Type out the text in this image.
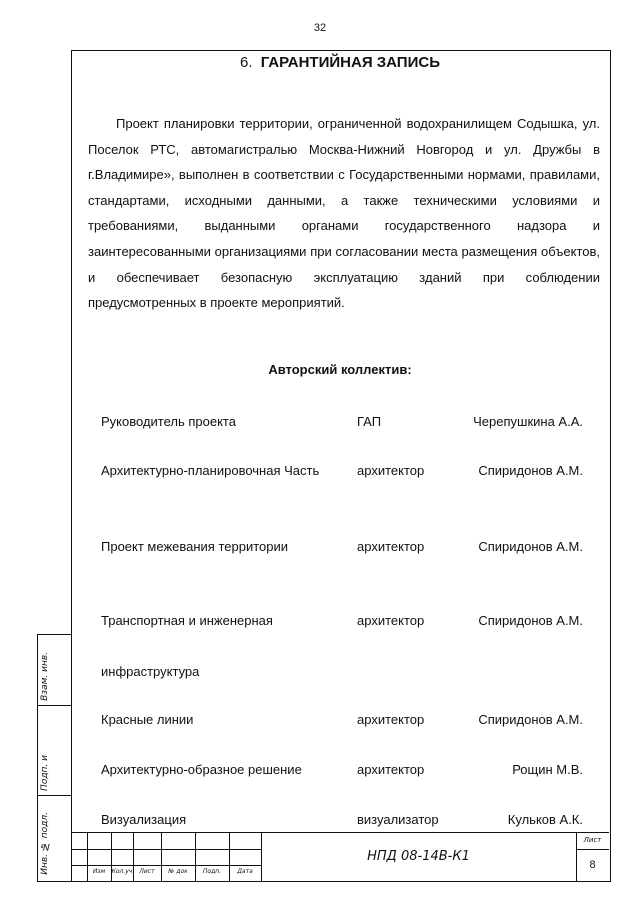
32
Взам. инв.
Подп. и
Инв. № подл.
6. ГАРАНТИЙНАЯ ЗАПИСЬ
Проект планировки территории, ограниченной водохранилищем Содышка, ул. Поселок РТС, автомагистралью Москва-Нижний Новгород и ул. Дружбы в г.Владимире», выполнен в соответствии с Государственными нормами, правилами, стандартами, исходными данными, а также техническими условиями и требованиями, выданными органами государственного надзора и заинтересованными организациями при согласовании места размещения объектов, и обеспечивает безопасную эксплуатацию зданий при соблюдении предусмотренных в проекте мероприятий.
Авторский коллектив:
Руководитель проекта	ГАП	Черепушкина А.А.
Архитектурно-планировочная Часть	архитектор	Спиридонов А.М.
Проект межевания территории	архитектор	Спиридонов А.М.
Транспортная и инженерная	архитектор	Спиридонов А.М.
инфраструктура
Красные линии	архитектор	Спиридонов А.М.
Архитектурно-образное решение	архитектор	Рощин М.В.
Визуализация	визуализатор	Кульков А.К.
Изм	Кол.уч	Лист	№ док	Подп.	Дата
НПД 08-14В-К1
Лист
8
